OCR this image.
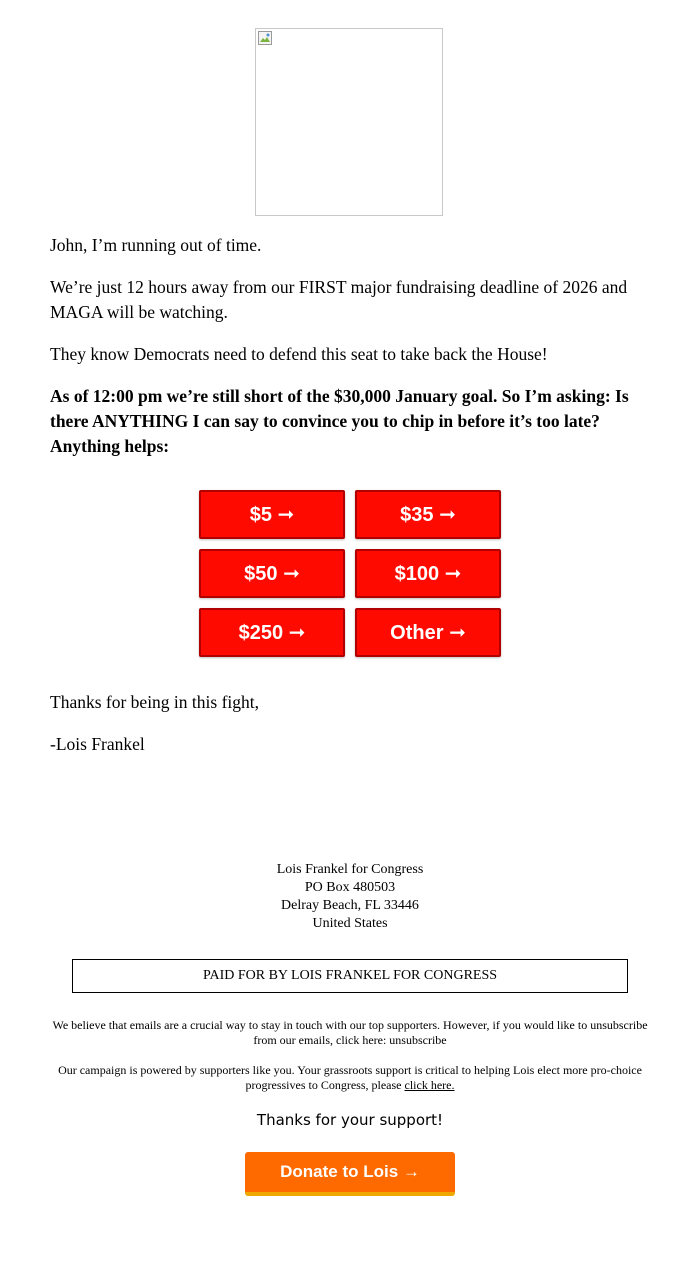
John, I’m running out of time.

We’re just 12 hours away from our FIRST major fundraising deadline of 2026 and MAGA will be watching.

They know Democrats need to defend this seat to take back the House!

As of 12:00 pm we’re still short of the $30,000 January goal. So I’m asking: Is there ANYTHING I can say to convince you to chip in before it’s too late? Anything helps:

$5 ➞	$35 ➞
$50 ➞	$100 ➞
$250 ➞	Other ➞

Thanks for being in this fight,

-Lois Frankel

Lois Frankel for Congress
PO Box 480503
Delray Beach, FL 33446
United States
PAID FOR BY LOIS FRANKEL FOR CONGRESS

We believe that emails are a crucial way to stay in touch with our top supporters. However, if you would like to unsubscribe from our emails, click here: unsubscribe

Our campaign is powered by supporters like you. Your grassroots support is critical to helping Lois elect more pro-choice progressives to Congress, please click here.

Thanks for your support!
Donate to Lois →
